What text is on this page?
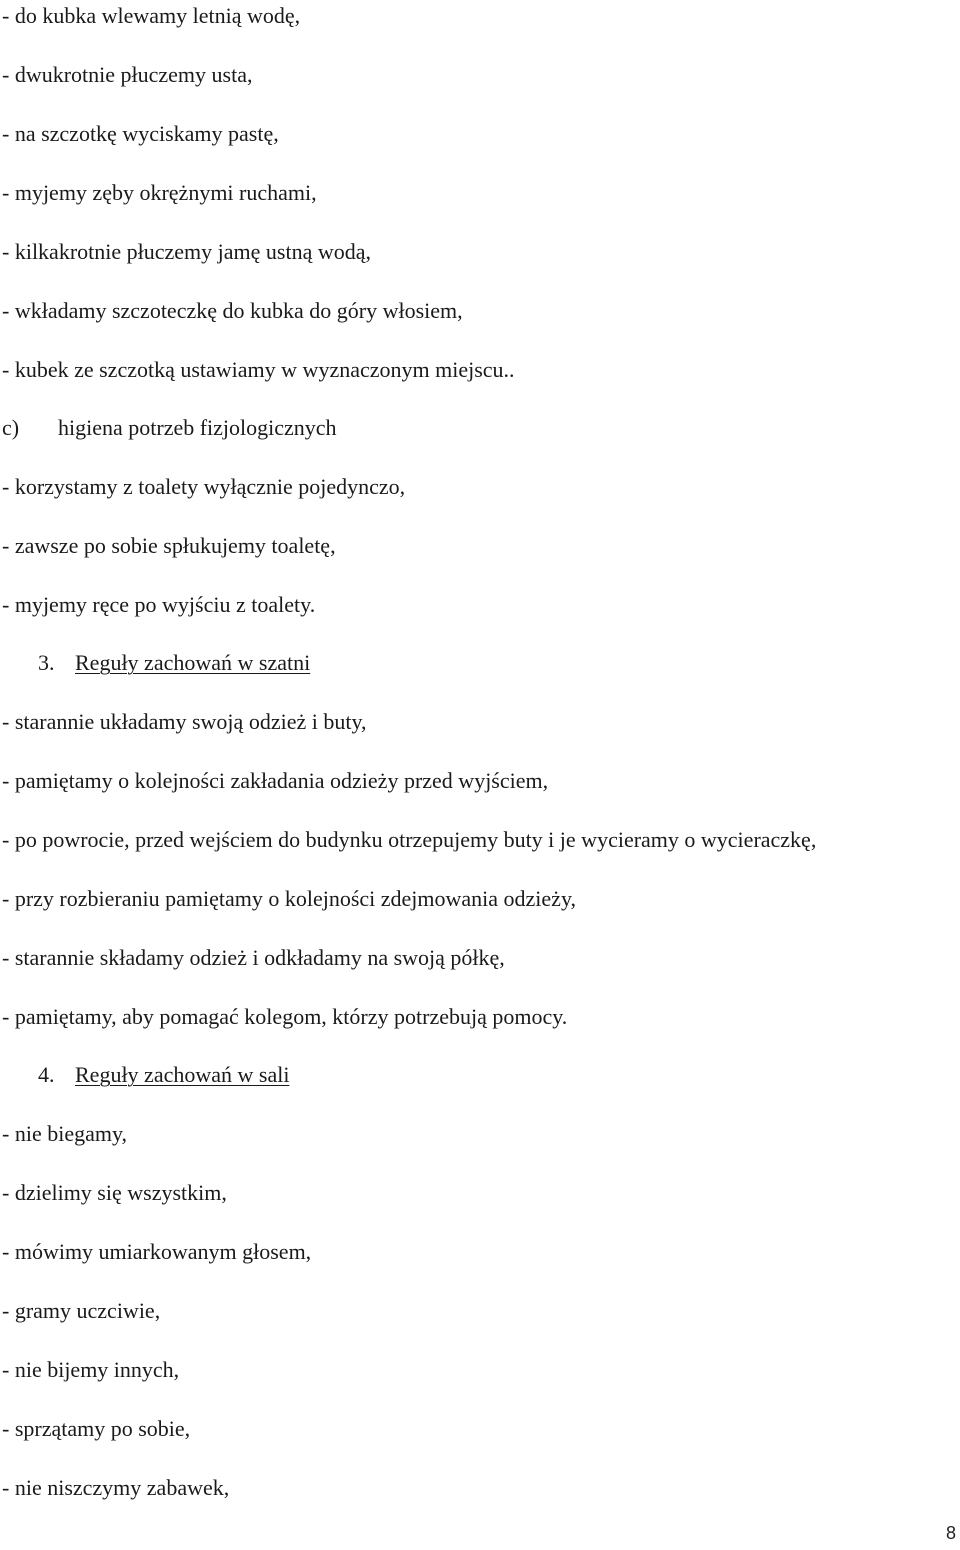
- do kubka wlewamy letnią wodę,
- dwukrotnie płuczemy usta,
- na szczotkę wyciskamy pastę,
- myjemy zęby okrężnymi ruchami,
- kilkakrotnie płuczemy jamę ustną wodą,
- wkładamy szczoteczkę do kubka do góry włosiem,
- kubek ze szczotką ustawiamy w wyznaczonym miejscu..
c) higiena potrzeb fizjologicznych
- korzystamy z toalety wyłącznie pojedynczo,
- zawsze po sobie spłukujemy toaletę,
- myjemy ręce po wyjściu z toalety.
3. Reguły zachowań w szatni
- starannie układamy swoją odzież i buty,
- pamiętamy o kolejności zakładania odzieży przed wyjściem,
- po powrocie, przed wejściem do budynku otrzepujemy buty i je wycieramy o wycieraczkę,
- przy rozbieraniu pamiętamy o kolejności zdejmowania odzieży,
- starannie składamy odzież i odkładamy na swoją półkę,
- pamiętamy, aby pomagać kolegom, którzy potrzebują pomocy.
4. Reguły zachowań w sali
- nie biegamy,
- dzielimy się wszystkim,
- mówimy umiarkowanym głosem,
- gramy uczciwie,
- nie bijemy innych,
- sprzątamy po sobie,
- nie niszczymy zabawek,
8
